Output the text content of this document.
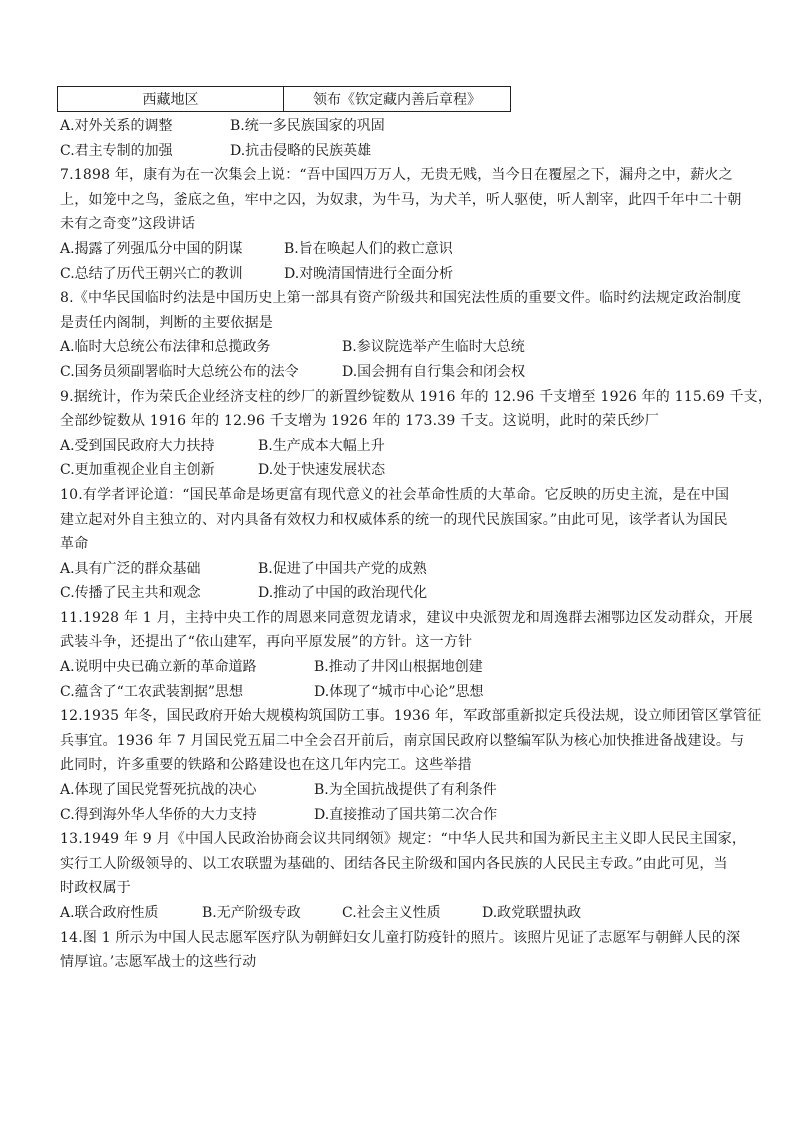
西藏地区	领布《钦定藏内善后章程》
A.对外关系的调整	B.统一多民族国家的巩固
C.君主专制的加强	D.抗击侵略的民族英雄
7.1898 年，康有为在一次集会上说：“吾中国四万万人，无贵无贱，当今日在覆屋之下，漏舟之中，薪火之
上，如笼中之鸟，釜底之鱼，牢中之囚，为奴隶，为牛马，为犬羊，听人驱使，听人割宰，此四千年中二十朝
未有之奇变”这段讲话
A.揭露了列强瓜分中国的阴谋	B.旨在唤起人们的救亡意识
C.总结了历代王朝兴亡的教训	D.对晚清国情进行全面分析
8.《中华民国临时约法是中国历史上第一部具有资产阶级共和国宪法性质的重要文件。临时约法规定政治制度
是责任内阁制，判断的主要依据是
A.临时大总统公布法律和总揽政务	B.参议院选举产生临时大总统
C.国务员须副署临时大总统公布的法令	D.国会拥有自行集会和闭会权
9.据统计，作为荣氏企业经济支柱的纱厂的新置纱锭数从 1916 年的 12.96 千支增至 1926 年的 115.69 千支，
全部纱锭数从 1916 年的 12.96 千支增为 1926 年的 173.39 千支。这说明，此时的荣氏纱厂
A.受到国民政府大力扶持	B.生产成本大幅上升
C.更加重视企业自主创新	D.处于快速发展状态
10.有学者评论道：“国民革命是场更富有现代意义的社会革命性质的大革命。它反映的历史主流，是在中国
建立起对外自主独立的、对内具备有效权力和权威体系的统一的现代民族国家。”由此可见，该学者认为国民
革命
A.具有广泛的群众基础	B.促进了中国共产党的成熟
C.传播了民主共和观念	D.推动了中国的政治现代化
11.1928 年 1 月，主持中央工作的周恩来同意贺龙请求，建议中央派贺龙和周逸群去湘鄂边区发动群众，开展
武装斗争，还提出了“依山建军，再向平原发展”的方针。这一方针
A.说明中央已确立新的革命道路	B.推动了井冈山根据地创建
C.蕴含了“工农武装割据”思想	D.体现了“城市中心论”思想
12.1935 年冬，国民政府开始大规模构筑国防工事。1936 年，军政部重新拟定兵役法规，设立师团管区掌管征
兵事宜。1936 年 7 月国民党五届二中全会召开前后，南京国民政府以整编军队为核心加快推进备战建设。与
此同时，许多重要的铁路和公路建设也在这几年内完工。这些举措
A.体现了国民党誓死抗战的决心	B.为全国抗战提供了有利条件
C.得到海外华人华侨的大力支持	D.直接推动了国共第二次合作
13.1949 年 9 月《中国人民政治协商会议共同纲领》规定：“中华人民共和国为新民主主义即人民民主国家，
实行工人阶级领导的、以工农联盟为基础的、团结各民主阶级和国内各民族的人民民主专政。”由此可见，当
时政权属于
A.联合政府性质	B.无产阶级专政	C.社会主义性质	D.政党联盟执政
14.图 1 所示为中国人民志愿军医疗队为朝鲜妇女儿童打防疫针的照片。该照片见证了志愿军与朝鲜人民的深
情厚谊。’志愿军战士的这些行动
